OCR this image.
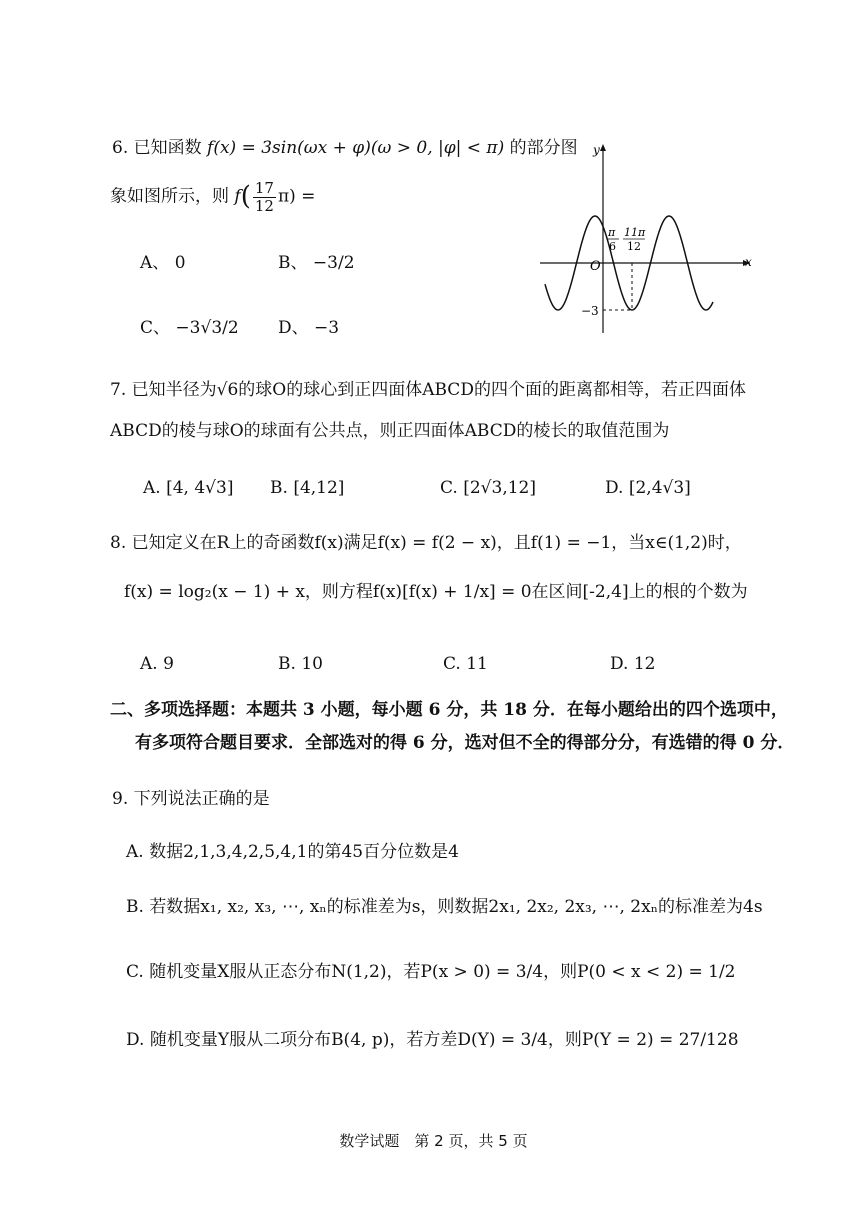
6. 已知函数 f(x) = 3sin(ωx + φ)(ω > 0, |φ| < π) 的部分图
象如图所示，则 $f( \frac{17}{12} \pi)$ =
A、 0	B、 −3/2
C、 −3√3/2 D、 −3
x
y
O
−3
π
6
11π
12
7. 已知半径为√6的球O的球心到正四面体ABCD的四个面的距离都相等，若正四面体
ABCD的棱与球O的球面有公共点，则正四面体ABCD的棱长的取值范围为
A. [4, 4√3] B. [4,12]	C. [2√3,12]	D. [2,4√3]
8. 已知定义在R上的奇函数f(x)满足f(x) = f(2 − x)，且f(1) = −1，当x∈(1,2)时，
f(x) = log₂(x − 1) + x，则方程f(x)[f(x) + 1/x] = 0在区间[-2,4]上的根的个数为
A. 9	B. 10	C. 11	D. 12
二、多项选择题：本题共 3 小题，每小题 6 分，共 18 分．在每小题给出的四个选项中，
有多项符合题目要求．全部选对的得 6 分，选对但不全的得部分分，有选错的得 0 分．
9. 下列说法正确的是
A. 数据2,1,3,4,2,5,4,1的第45百分位数是4
B. 若数据x₁, x₂, x₃, ⋯, xₙ的标准差为s，则数据2x₁, 2x₂, 2x₃, ⋯, 2xₙ的标准差为4s
C. 随机变量X服从正态分布N(1,2)，若P(x > 0) = 3/4，则P(0 < x < 2) = 1/2
D. 随机变量Y服从二项分布B(4, p)，若方差D(Y) = 3/4，则P(Y = 2) = 27/128
数学试题　第 2 页，共 5 页
